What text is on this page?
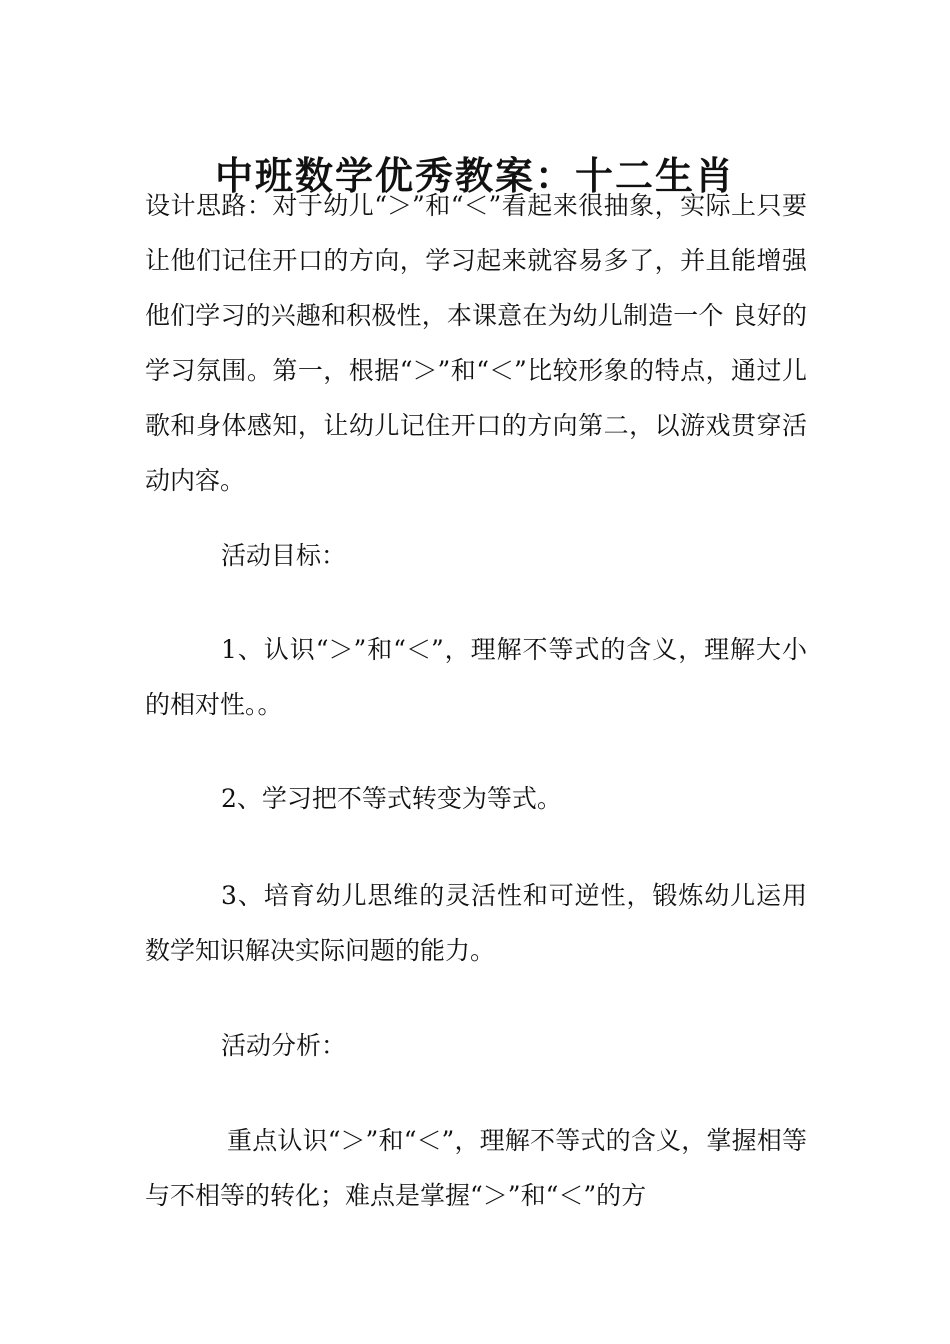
中班数学优秀教案：十二生肖

设计思路：对于幼儿“＞”和“＜”看起来很抽象，实际上只要让他们记住开口的方向，学习起来就容易多了，并且能增强他们学习的兴趣和积极性，本课意在为幼儿制造一个 良好的学习氛围。第一，根据“＞”和“＜”比较形象的特点，通过儿歌和身体感知，让幼儿记住开口的方向第二，以游戏贯穿活动内容。

活动目标：

1、认识“＞”和“＜”，理解不等式的含义，理解大小的相对性。。

2、学习把不等式转变为等式。

3、培育幼儿思维的灵活性和可逆性，锻炼幼儿运用数学知识解决实际问题的能力。

活动分析：

重点认识“＞”和“＜”，理解不等式的含义，掌握相等与不相等的转化；难点是掌握“＞”和“＜”的方
